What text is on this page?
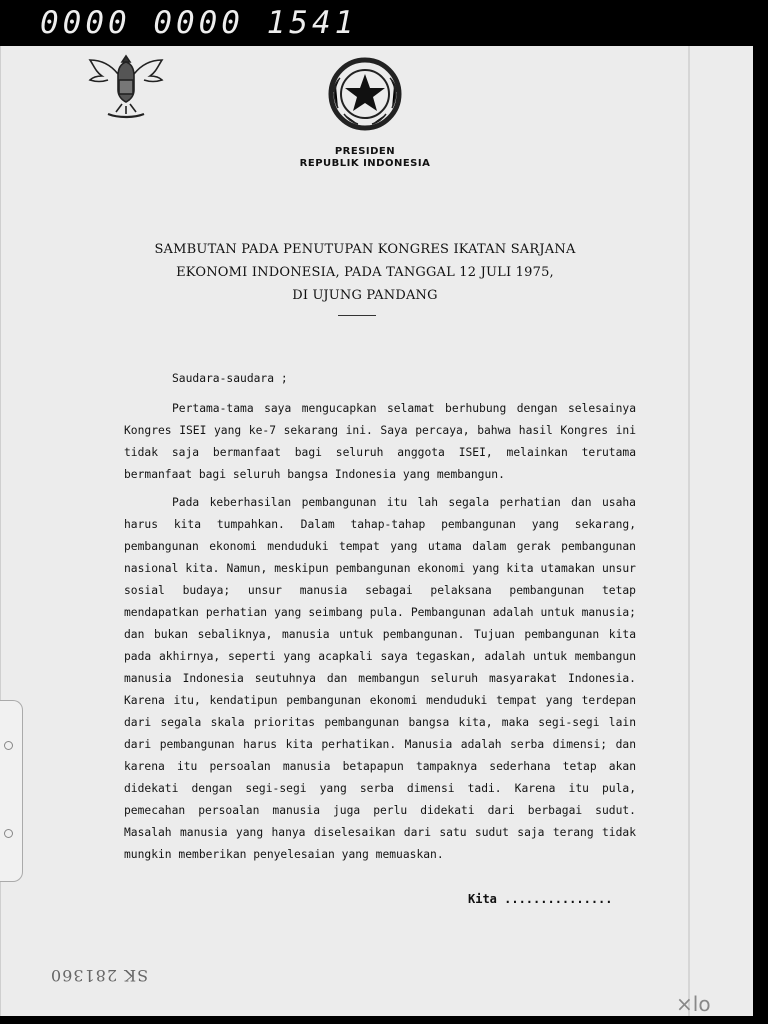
0000 0000 1541
PRESIDEN
REPUBLIK INDONESIA
SAMBUTAN PADA PENUTUPAN KONGRES IKATAN SARJANA
EKONOMI INDONESIA, PADA TANGGAL 12 JULI 1975,
DI UJUNG PANDANG
Saudara-saudara ;

Pertama-tama saya mengucapkan selamat berhubung dengan selesainya Kongres ISEI yang ke-7 sekarang ini. Saya percaya, bahwa hasil Kongres ini tidak saja bermanfaat bagi seluruh anggota ISEI, melainkan terutama bermanfaat bagi seluruh bangsa Indonesia yang membangun.

Pada keberhasilan pembangunan itu lah segala perhatian dan usaha harus kita tumpahkan. Dalam tahap-tahap pembangunan yang sekarang, pembangunan ekonomi menduduki tempat yang utama dalam gerak pembangunan nasional kita. Namun, meskipun pembangunan ekonomi yang kita utamakan unsur sosial budaya; unsur manusia sebagai pelaksana pembangunan tetap mendapatkan perhatian yang seimbang pula. Pembangunan adalah untuk manusia; dan bukan sebaliknya, manusia untuk pembangunan. Tujuan pembangunan kita pada akhirnya, seperti yang acapkali saya tegaskan, adalah untuk membangun manusia Indonesia seutuhnya dan membangun seluruh masyarakat Indonesia. Karena itu, kendatipun pembangunan ekonomi menduduki tempat yang terdepan dari segala skala prioritas pembangunan bangsa kita, maka segi-segi lain dari pembangunan harus kita perhatikan. Manusia adalah serba dimensi; dan karena itu persoalan manusia betapapun tampaknya sederhana tetap akan didekati dengan segi-segi yang serba dimensi tadi. Karena itu pula, pemecahan persoalan manusia juga perlu didekati dari berbagai sudut. Masalah manusia yang hanya diselesaikan dari satu sudut saja terang tidak mungkin memberikan penyelesaian yang memuaskan.

Kita ...............
SK 281360
×lo
